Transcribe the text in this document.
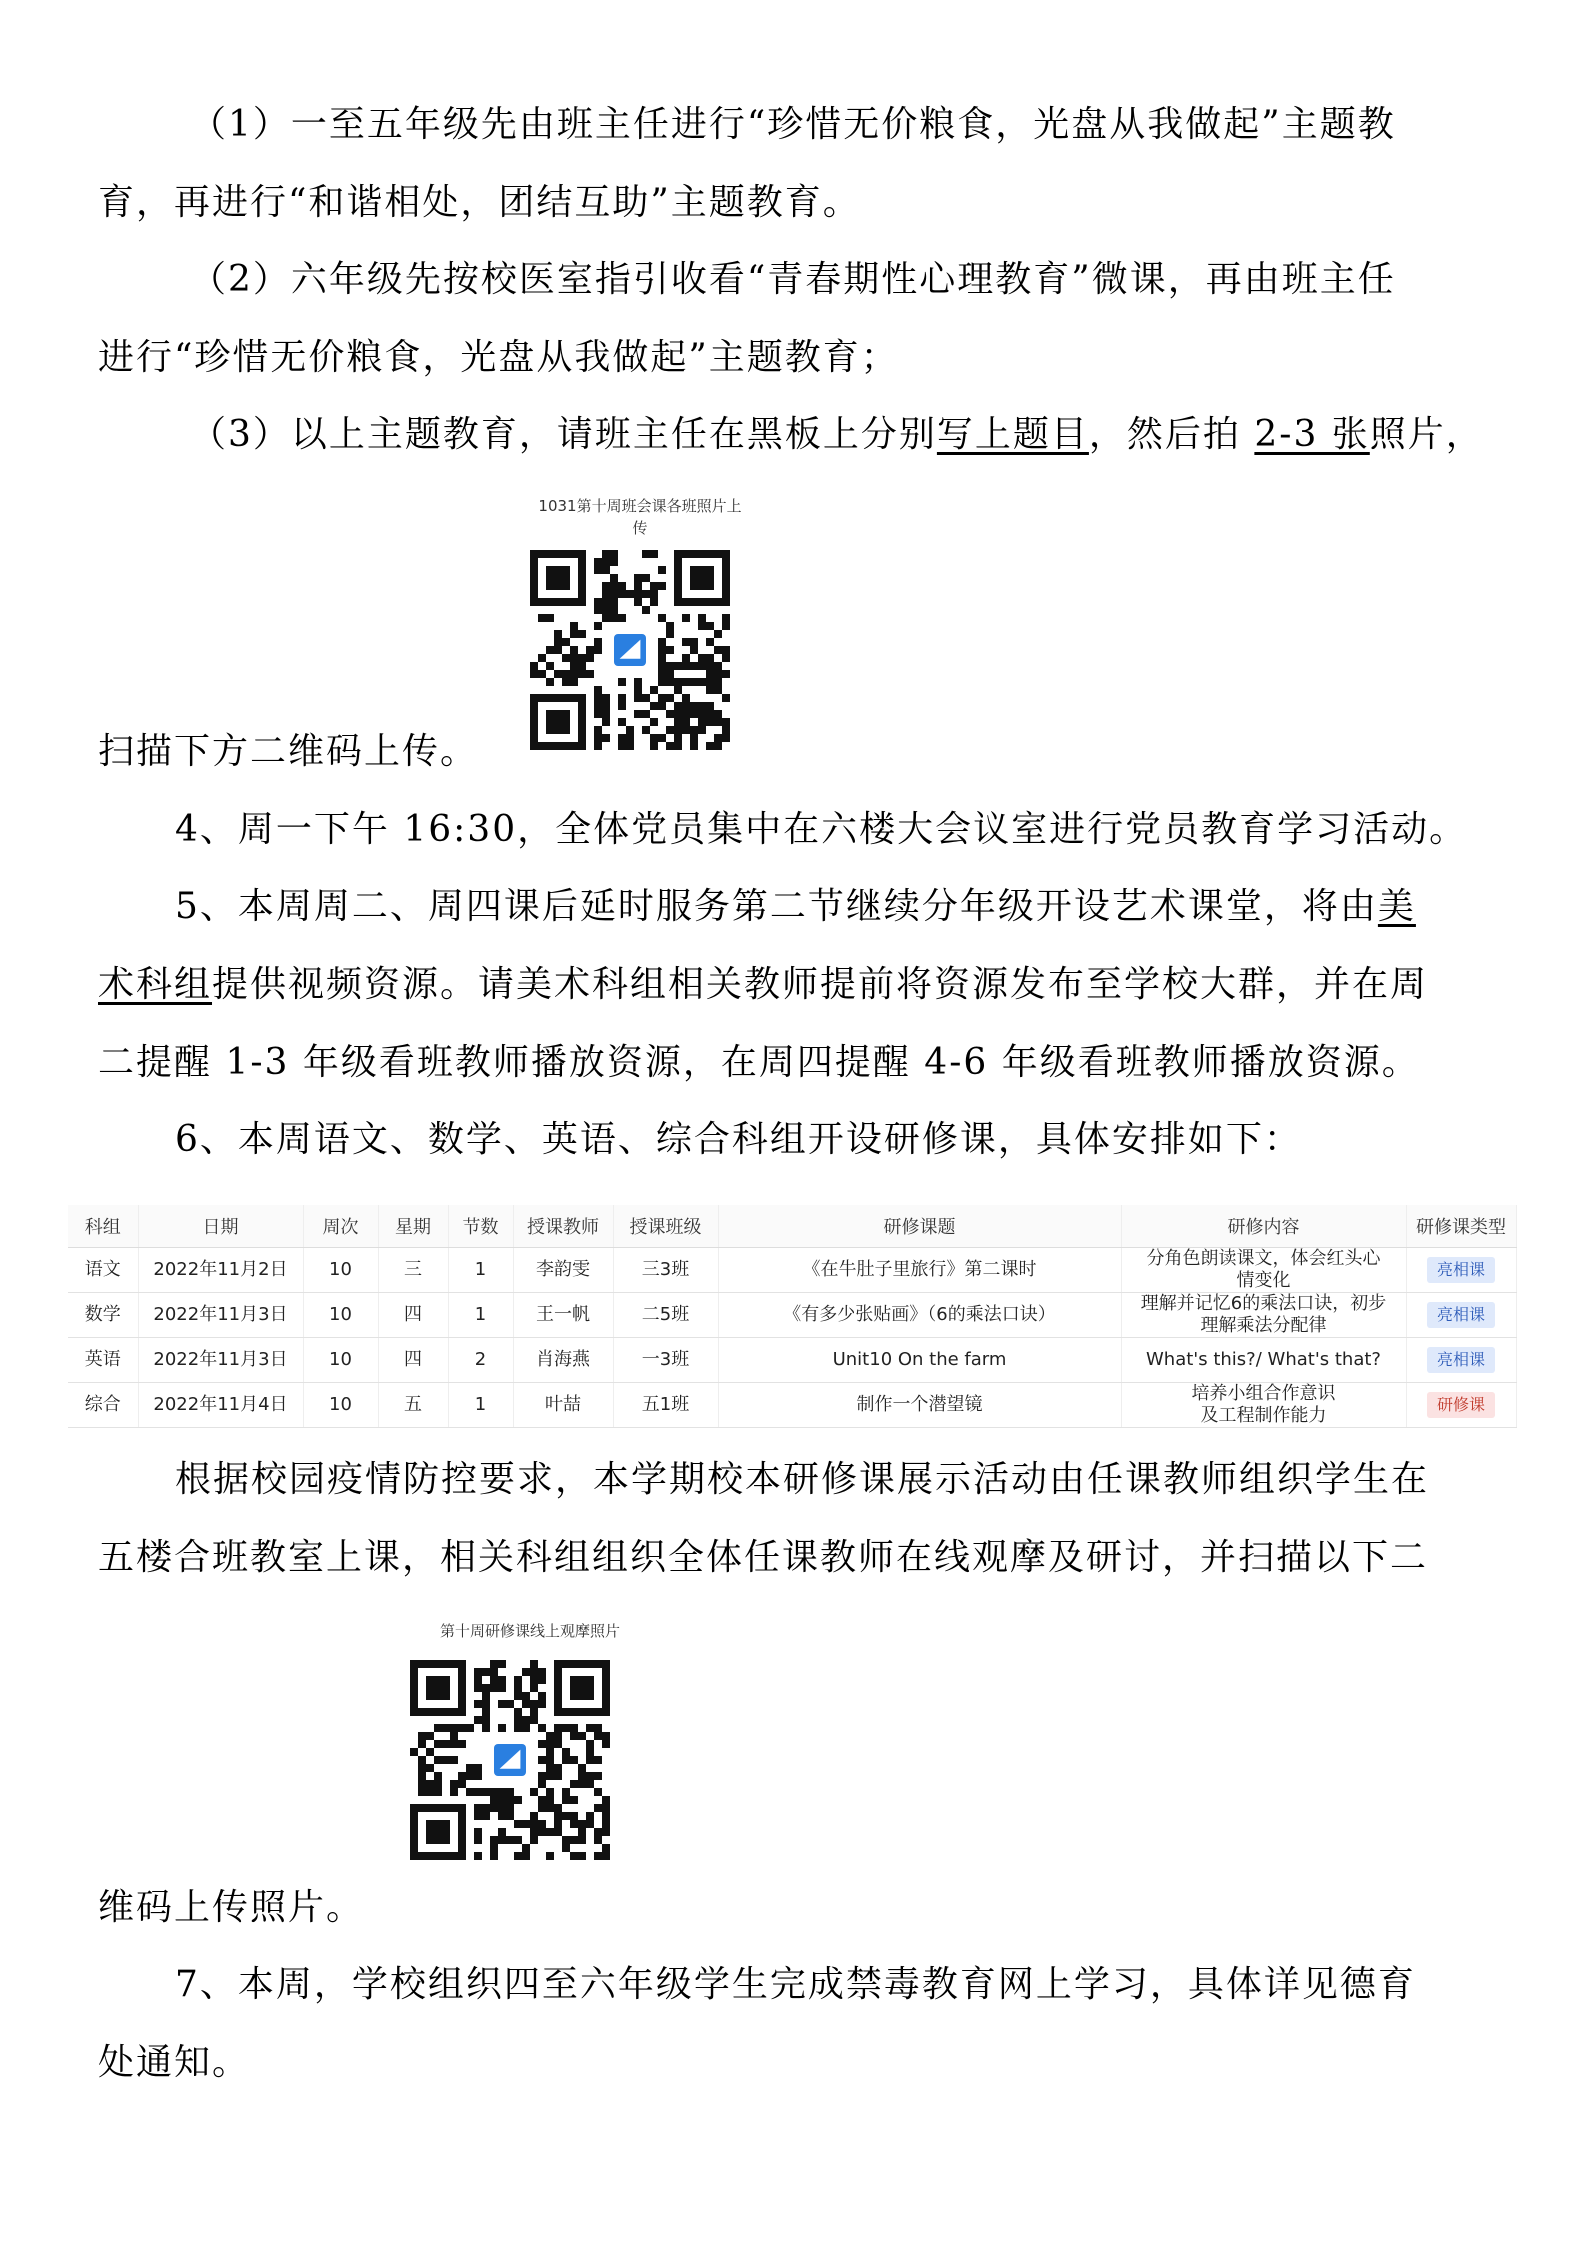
（1）一至五年级先由班主任进行“珍惜无价粮食，光盘从我做起”主题教
育，再进行“和谐相处，团结互助”主题教育。
（2）六年级先按校医室指引收看“青春期性心理教育”微课，再由班主任
进行“珍惜无价粮食，光盘从我做起”主题教育；
（3）以上主题教育，请班主任在黑板上分别写上题目，然后拍 2-3 张照片，
1031第十周班会课各班照片上
传
扫描下方二维码上传。
4、周一下午 16:30，全体党员集中在六楼大会议室进行党员教育学习活动。
5、本周周二、周四课后延时服务第二节继续分年级开设艺术课堂，将由美
术科组提供视频资源。请美术科组相关教师提前将资源发布至学校大群，并在周
二提醒 1-3 年级看班教师播放资源，在周四提醒 4-6 年级看班教师播放资源。
6、本周语文、数学、英语、综合科组开设研修课，具体安排如下：
科组	日期	周次	星期	节数	授课教师	授课班级	研修课题	研修内容	研修课类型
语文	2022年11月2日	10	三	1	李韵雯	三3班	《在牛肚子里旅行》第二课时	分角色朗读课文，体会红头心
情变化	亮相课
数学	2022年11月3日	10	四	1	王一帆	二5班	《有多少张贴画》（6的乘法口诀）	理解并记忆6的乘法口诀，初步
理解乘法分配律	亮相课
英语	2022年11月3日	10	四	2	肖海燕	一3班	Unit10 On the farm	What's this?/ What's that?	亮相课
综合	2022年11月4日	10	五	1	叶喆	五1班	制作一个潜望镜	培养小组合作意识
及工程制作能力	研修课
根据校园疫情防控要求，本学期校本研修课展示活动由任课教师组织学生在
五楼合班教室上课，相关科组组织全体任课教师在线观摩及研讨，并扫描以下二
第十周研修课线上观摩照片
维码上传照片。
7、本周，学校组织四至六年级学生完成禁毒教育网上学习，具体详见德育
处通知。
